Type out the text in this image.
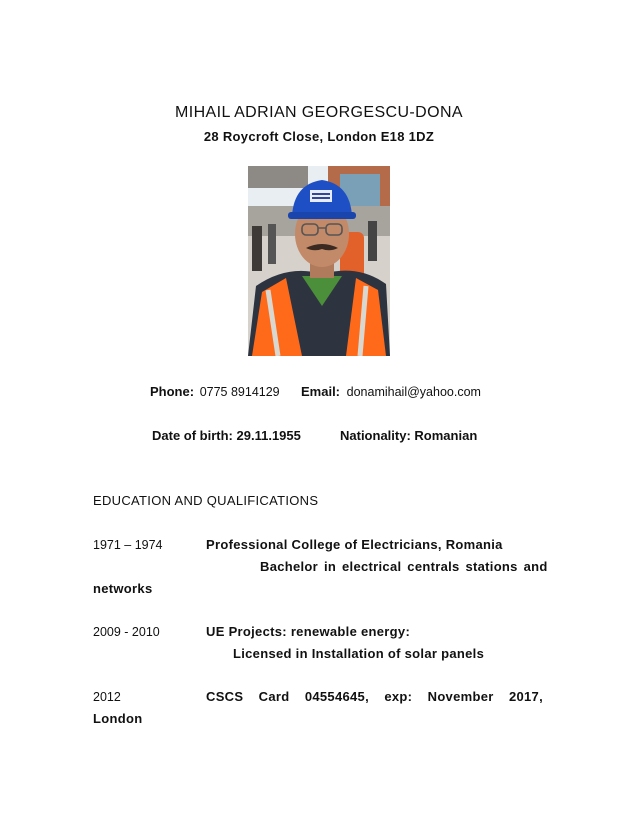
MIHAIL ADRIAN GEORGESCU-DONA
28 Roycroft Close, London E18 1DZ
Phone: 0775 8914129 Email: donamihail@yahoo.com
Date of birth: 29.11.1955	Nationality: Romanian
EDUCATION AND QUALIFICATIONS
1971 – 1974	Professional College of Electricians, Romania
Bachelor in electrical centrals stations and
networks
2009 - 2010	UE Projects: renewable energy:
Licensed in Installation of solar panels
2012	CSCS Card 04554645, exp: November 2017,
London
